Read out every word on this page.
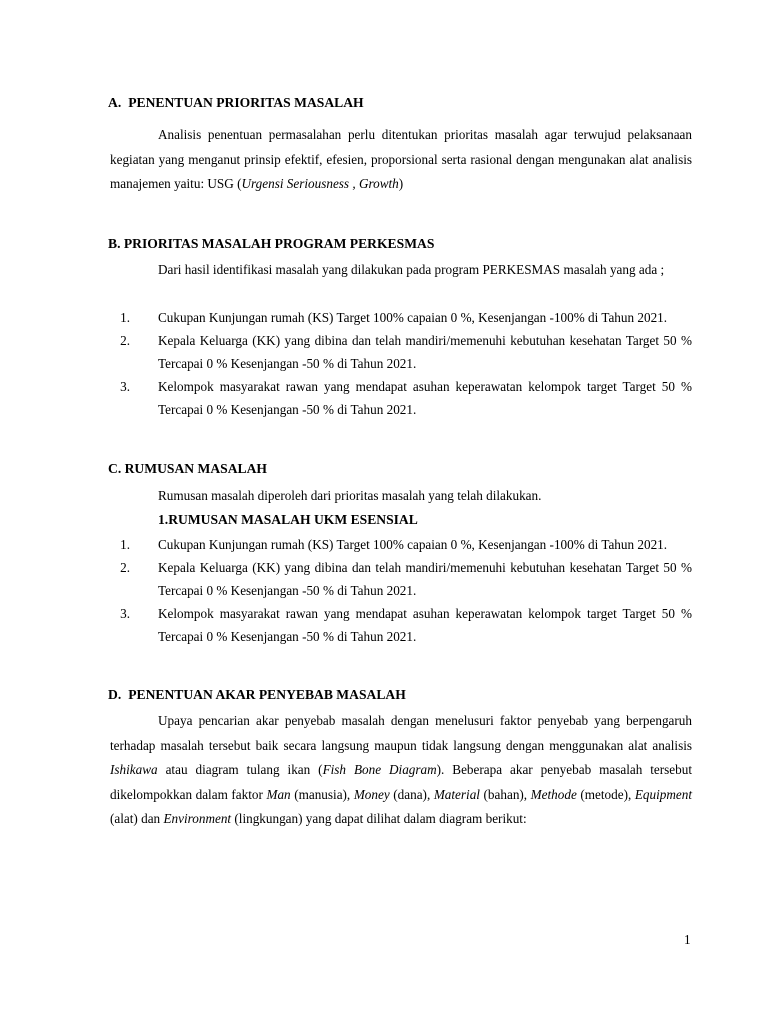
A. PENENTUAN PRIORITAS MASALAH

Analisis penentuan permasalahan perlu ditentukan prioritas masalah agar terwujud pelaksanaan kegiatan yang menganut prinsip efektif, efesien, proporsional serta rasional dengan mengunakan alat analisis manajemen yaitu: USG (Urgensi Seriousness , Growth)

B. PRIORITAS MASALAH PROGRAM PERKESMAS

Dari hasil identifikasi masalah yang dilakukan pada program PERKESMAS masalah yang ada ;

1. Cukupan Kunjungan rumah (KS) Target 100% capaian 0 %, Kesenjangan -100% di Tahun 2021.
2. Kepala Keluarga (KK) yang dibina dan telah mandiri/memenuhi kebutuhan kesehatan Target 50 % Tercapai 0 % Kesenjangan -50 % di Tahun 2021.
3. Kelompok masyarakat rawan yang mendapat asuhan keperawatan kelompok target Target 50 % Tercapai 0 % Kesenjangan -50 % di Tahun 2021.
C. RUMUSAN MASALAH

Rumusan masalah diperoleh dari prioritas masalah yang telah dilakukan.

1.RUMUSAN MASALAH UKM ESENSIAL
1. Cukupan Kunjungan rumah (KS) Target 100% capaian 0 %, Kesenjangan -100% di Tahun 2021.
2. Kepala Keluarga (KK) yang dibina dan telah mandiri/memenuhi kebutuhan kesehatan Target 50 % Tercapai 0 % Kesenjangan -50 % di Tahun 2021.
3. Kelompok masyarakat rawan yang mendapat asuhan keperawatan kelompok target Target 50 % Tercapai 0 % Kesenjangan -50 % di Tahun 2021.
D. PENENTUAN AKAR PENYEBAB MASALAH

Upaya pencarian akar penyebab masalah dengan menelusuri faktor penyebab yang berpengaruh terhadap masalah tersebut baik secara langsung maupun tidak langsung dengan menggunakan alat analisis Ishikawa atau diagram tulang ikan (Fish Bone Diagram). Beberapa akar penyebab masalah tersebut dikelompokkan dalam faktor Man (manusia), Money (dana), Material (bahan), Methode (metode), Equipment (alat) dan Environment (lingkungan) yang dapat dilihat dalam diagram berikut:

1
